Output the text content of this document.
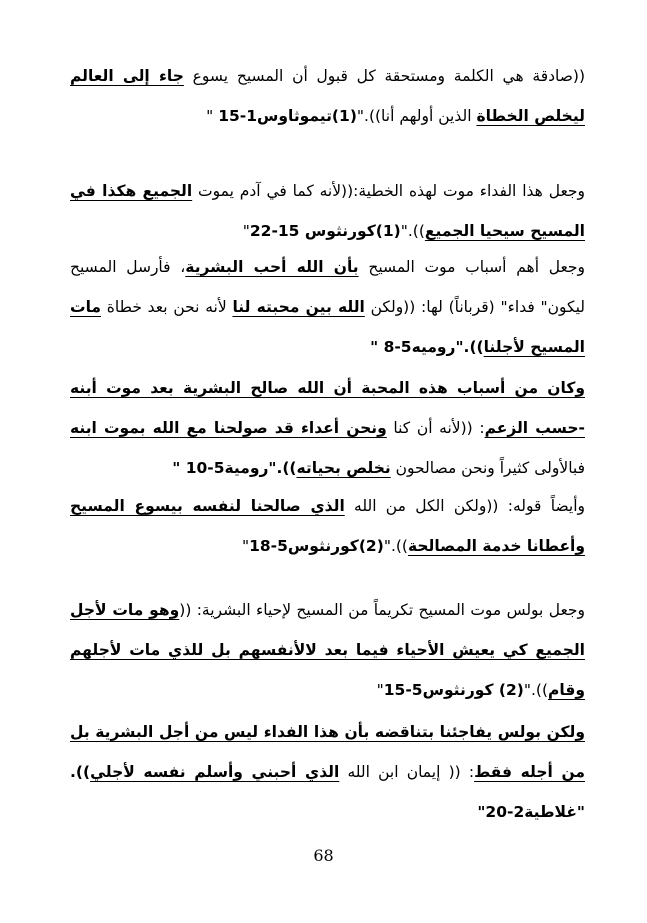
((صادقة هي الكلمة ومستحقة كل قبول أن المسيح يسوع جاء إلى العالم ليخلص الخطاة الذين أولهم أنا))."(1)تيموثاوس1-15 "
وجعل هذا الفداء موت لهذه الخطية:((لأنه كما في آدم يموت الجميع هكذا في المسيح سيحيا الجميع))."(1)كورنثوس 15-22"
وجعل أهم أسباب موت المسيح بأن الله أحب البشرية، فأرسل المسيح ليكون" فداء" (قرباناً) لها: ((ولكن الله بين محبته لنا لأنه نحن بعد خطاة مات المسيح لأجلنا))."روميه5-8 "
وكان من أسباب هذه المحبة أن الله صالح البشرية بعد موت أبنه -حسب الزعم: ((لأنه أن كنا ونحن أعداء قد صولحنا مع الله بموت ابنه فبالأولى كثيراً ونحن مصالحون نخلص بحياته))."رومية5-10 "
وأيضاً قوله: ((ولكن الكل من الله الذي صالحنا لنفسه بيسوع المسيح وأعطانا خدمة المصالحة))."(2)كورنثوس5-18"
وجعل بولس موت المسيح تكريماً من المسيح لإحياء البشرية: ((وهو مات لأجل الجميع كي يعيش الأحياء فيما بعد لالأنفسهم بل للذي مات لأجلهم وقام))."(2) كورنثوس5-15"
ولكن بولس يفاجئنا بتناقضه بأن هذا الفداء ليس من أجل البشرية بل من أجله فقط: (( إيمان ابن الله الذي أحبني وأسلم نفسه لأجلي)). "غلاطية2-20"
68
